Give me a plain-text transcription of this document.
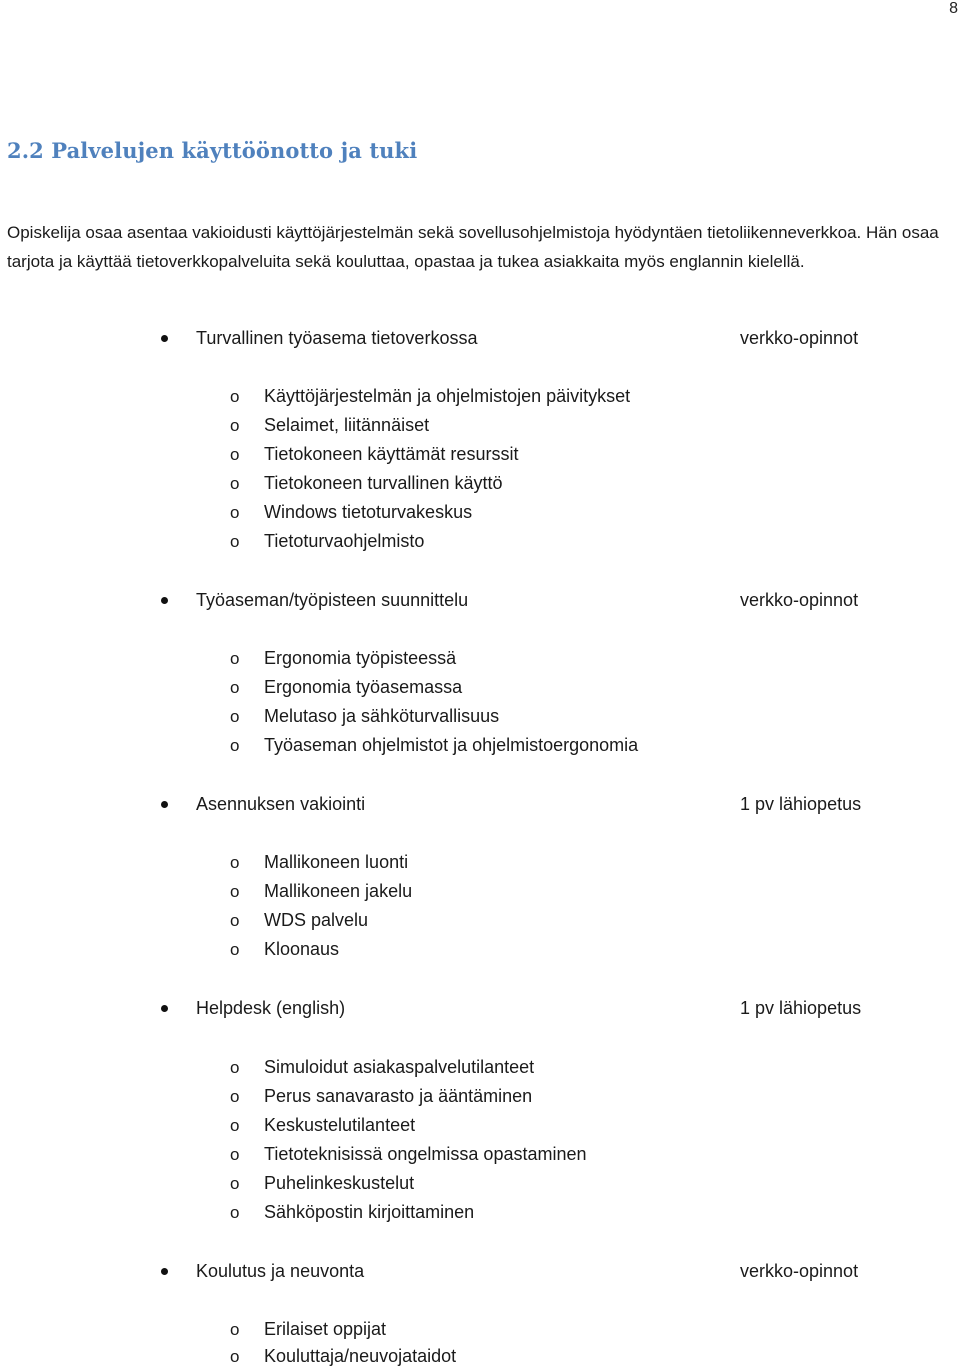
8
2.2 Palvelujen käyttöönotto ja tuki

Opiskelija osaa asentaa vakioidusti käyttöjärjestelmän sekä sovellusohjelmistoja hyödyntäen tietoliikenneverkkoa. Hän osaa tarjota ja käyttää tietoverkkopalveluita sekä kouluttaa, opastaa ja tukea asiakkaita myös englannin kielellä.

Turvallinen työasema tietoverkossa	verkko-opinnot
o Käyttöjärjestelmän ja ohjelmistojen päivitykset
o Selaimet, liitännäiset
o Tietokoneen käyttämät resurssit
o Tietokoneen turvallinen käyttö
o Windows tietoturvakeskus
o Tietoturvaohjelmisto
Työaseman/työpisteen suunnittelu	verkko-opinnot
o Ergonomia työpisteessä
o Ergonomia työasemassa
o Melutaso ja sähköturvallisuus
o Työaseman ohjelmistot ja ohjelmistoergonomia
Asennuksen vakiointi	1 pv lähiopetus
o Mallikoneen luonti
o Mallikoneen jakelu
o WDS palvelu
o Kloonaus
Helpdesk (english)	1 pv lähiopetus
o Simuloidut asiakaspalvelutilanteet
o Perus sanavarasto ja ääntäminen
o Keskustelutilanteet
o Tietoteknisissä ongelmissa opastaminen
o Puhelinkeskustelut
o Sähköpostin kirjoittaminen
Koulutus ja neuvonta	verkko-opinnot
o Erilaiset oppijat
o Kouluttaja/neuvojataidot
